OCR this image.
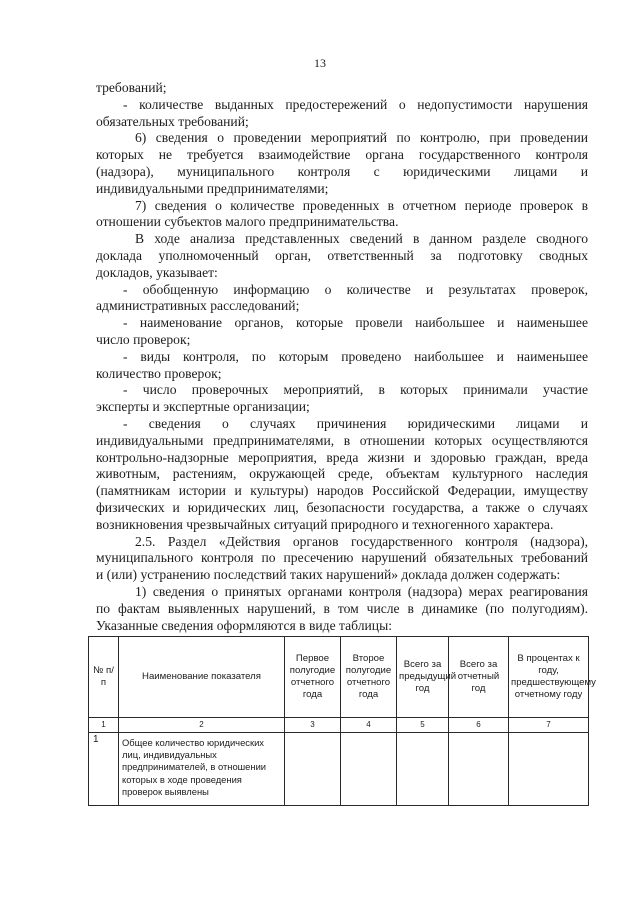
13

требований;

- количестве выданных предостережений о недопустимости нарушения

обязательных требований;

6) сведения о проведении мероприятий по контролю, при проведении

которых не требуется взаимодействие органа государственного контроля

(надзора), муниципального контроля с юридическими лицами и

индивидуальными предпринимателями;

7) сведения о количестве проведенных в отчетном периоде проверок в

отношении субъектов малого предпринимательства.

В ходе анализа представленных сведений в данном разделе сводного

доклада уполномоченный орган, ответственный за подготовку сводных

докладов, указывает:

- обобщенную информацию о количестве и результатах проверок,

административных расследований;

- наименование органов, которые провели наибольшее и наименьшее

число проверок;

- виды контроля, по которым проведено наибольшее и наименьшее

количество проверок;

- число проверочных мероприятий, в которых принимали участие

эксперты и экспертные организации;

- сведения о случаях причинения юридическими лицами и

индивидуальными предпринимателями, в отношении которых осуществляются

контрольно-надзорные мероприятия, вреда жизни и здоровью граждан, вреда

животным, растениям, окружающей среде, объектам культурного наследия

(памятникам истории и культуры) народов Российской Федерации, имуществу

физических и юридических лиц, безопасности государства, а также о случаях

возникновения чрезвычайных ситуаций природного и техногенного характера.

2.5. Раздел «Действия органов государственного контроля (надзора),

муниципального контроля по пресечению нарушений обязательных требований

и (или) устранению последствий таких нарушений» доклада должен содержать:

1) сведения о принятых органами контроля (надзора) мерах реагирования

по фактам выявленных нарушений, в том числе в динамике (по полугодиям).

Указанные сведения оформляются в виде таблицы:

№ п/п	Наименование показателя	Первое полугодие отчетного года	Второе полугодие отчетного года	Всего за предыдущий год	Всего за отчетный год	В процентах к году, предшествующему отчетному году
1	2	3	4	5	6	7
1	Общее количество юридических лиц, индивидуальных предпринимателей, в отношении которых в ходе проведения проверок выявлены					
